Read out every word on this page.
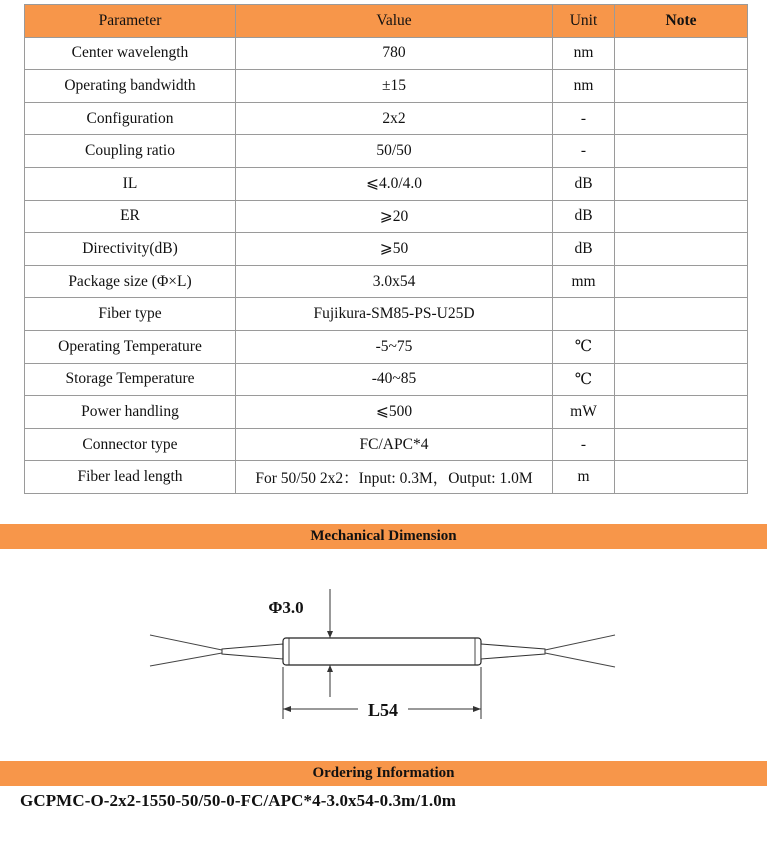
Parameter	Value	Unit	Note
Center wavelength	780	nm	
Operating bandwidth	±15	nm	
Configuration	2x2	-	
Coupling ratio	50/50	-	
IL	⩽4.0/4.0	dB	
ER	⩾20	dB	
Directivity(dB)	⩾50	dB	
Package size (Φ×L)	3.0x54	mm	
Fiber type	Fujikura-SM85-PS-U25D		
Operating Temperature	-5~75	℃	
Storage Temperature	-40~85	℃	
Power handling	⩽500	mW	
Connector type	FC/APC*4	-	
Fiber lead length	For 50/50 2x2：Input: 0.3M，Output: 1.0M	m	
Mechanical Dimension
Φ3.0
L54
Ordering Information
GCPMC-O-2x2-1550-50/50-0-FC/APC*4-3.0x54-0.3m/1.0m
